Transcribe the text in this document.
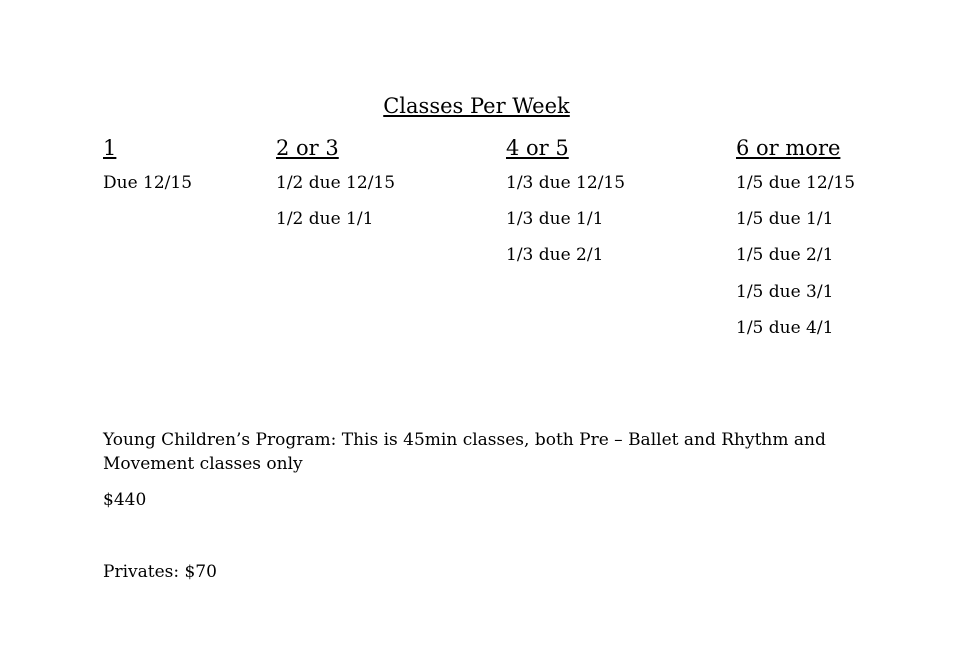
Classes Per Week
1
Due 12/15
2 or 3
1/2 due 12/15
1/2 due 1/1
4 or 5
1/3 due 12/15
1/3 due 1/1
1/3 due 2/1
6 or more
1/5 due 12/15
1/5 due 1/1
1/5 due 2/1
1/5 due 3/1
1/5 due 4/1

Young Children’s Program: This is 45min classes, both Pre – Ballet and Rhythm and Movement classes only

$440

Privates: $70
